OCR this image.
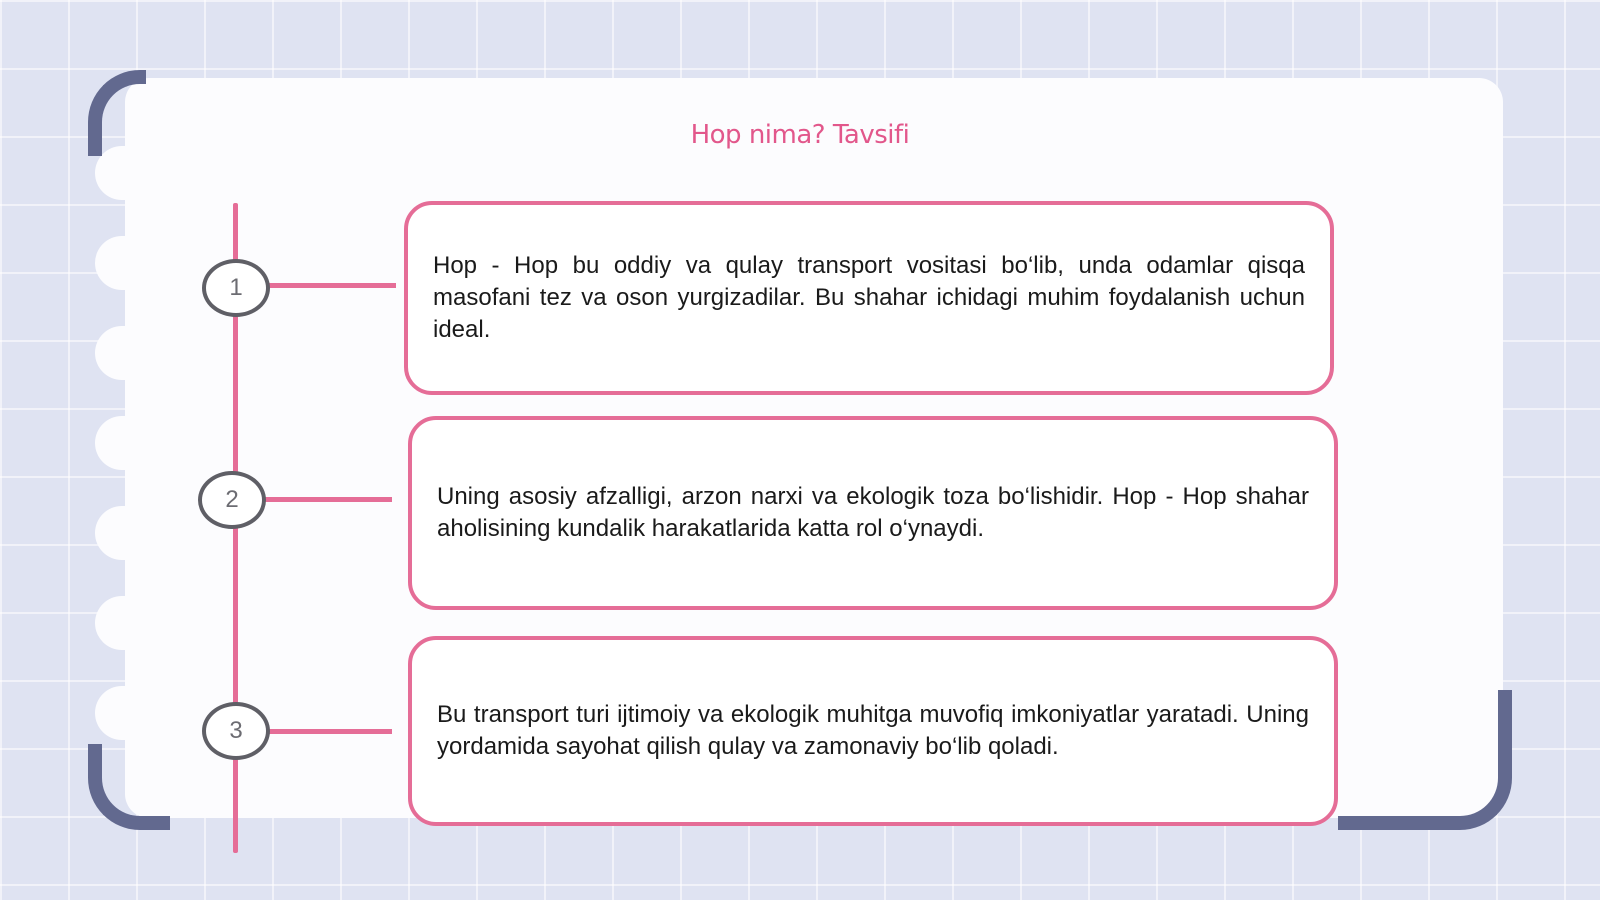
Hop nima? Tavsifi
1
2
3

Hop - Hop bu oddiy va qulay transport vositasi bo‘lib, unda odamlar qisqa masofani tez va oson yurgizadilar. Bu shahar ichidagi muhim foydalanish uchun ideal.

Uning asosiy afzalligi, arzon narxi va ekologik toza bo‘lishidir. Hop - Hop shahar aholisining kundalik harakatlarida katta rol o‘ynaydi.

Bu transport turi ijtimoiy va ekologik muhitga muvofiq imkoniyatlar yaratadi. Uning yordamida sayohat qilish qulay va zamonaviy bo‘lib qoladi.
